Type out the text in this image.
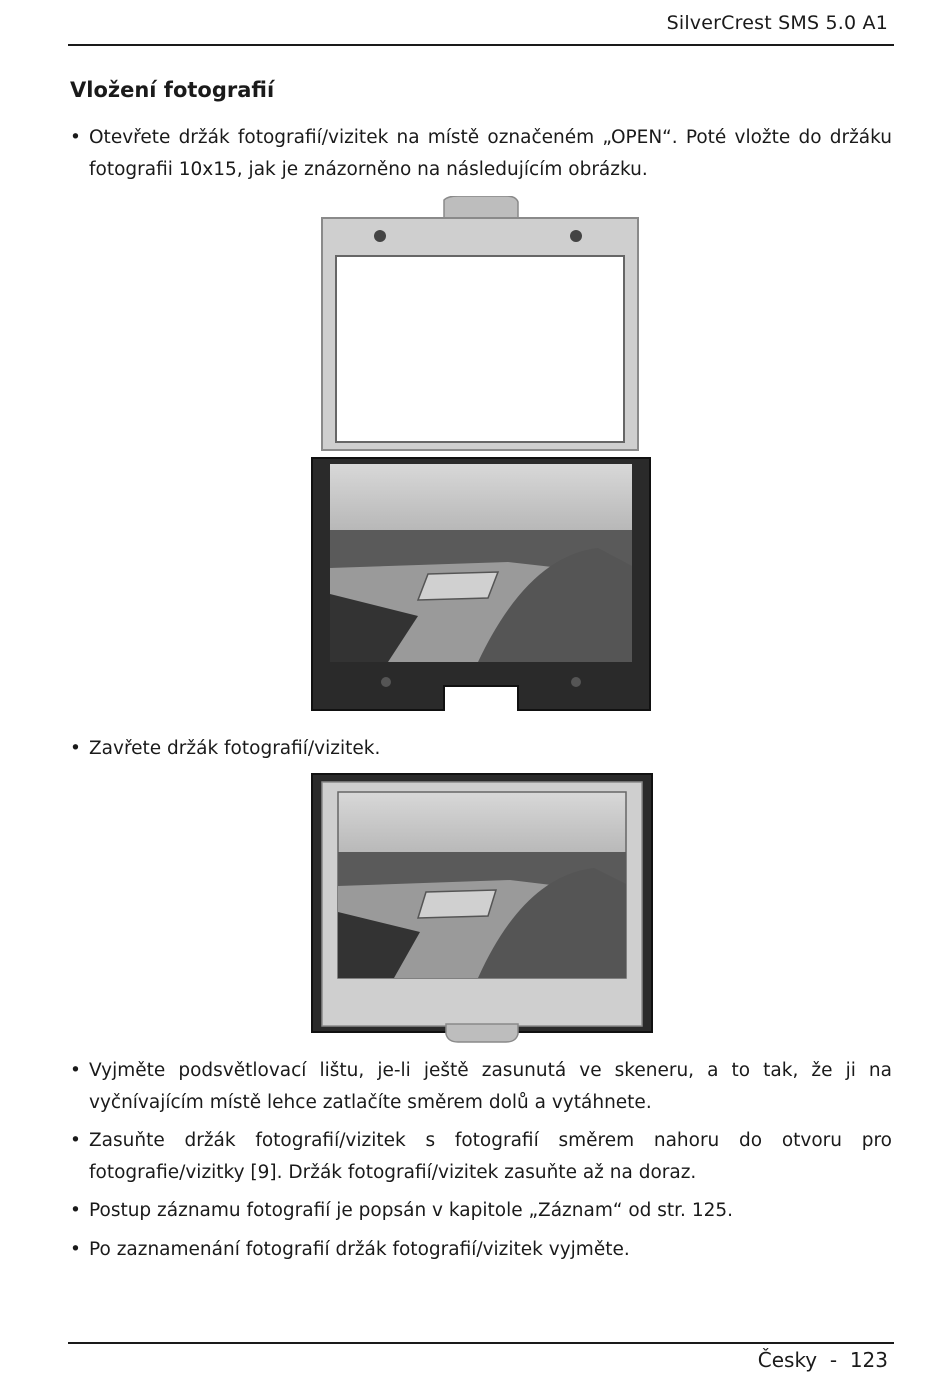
SilverCrest SMS 5.0 A1
Vložení fotografií
• Otevřete držák fotografií/vizitek na místě označeném „OPEN“. Poté vložte do držáku fotografii 10x15, jak je znázorněno na následujícím obrázku.
• Zavřete držák fotografií/vizitek.
• Vyjměte podsvětlovací lištu, je-li ještě zasunutá ve skeneru, a to tak, že ji na vyčnívajícím místě lehce zatlačíte směrem dolů a vytáhnete.
• Zasuňte držák fotografií/vizitek s fotografií směrem nahoru do otvoru pro fotografie/vizitky [9]. Držák fotografií/vizitek zasuňte až na doraz.
• Postup záznamu fotografií je popsán v kapitole „Záznam“ od str. 125.
• Po zaznamenání fotografií držák fotografií/vizitek vyjměte.
Česky - 123
